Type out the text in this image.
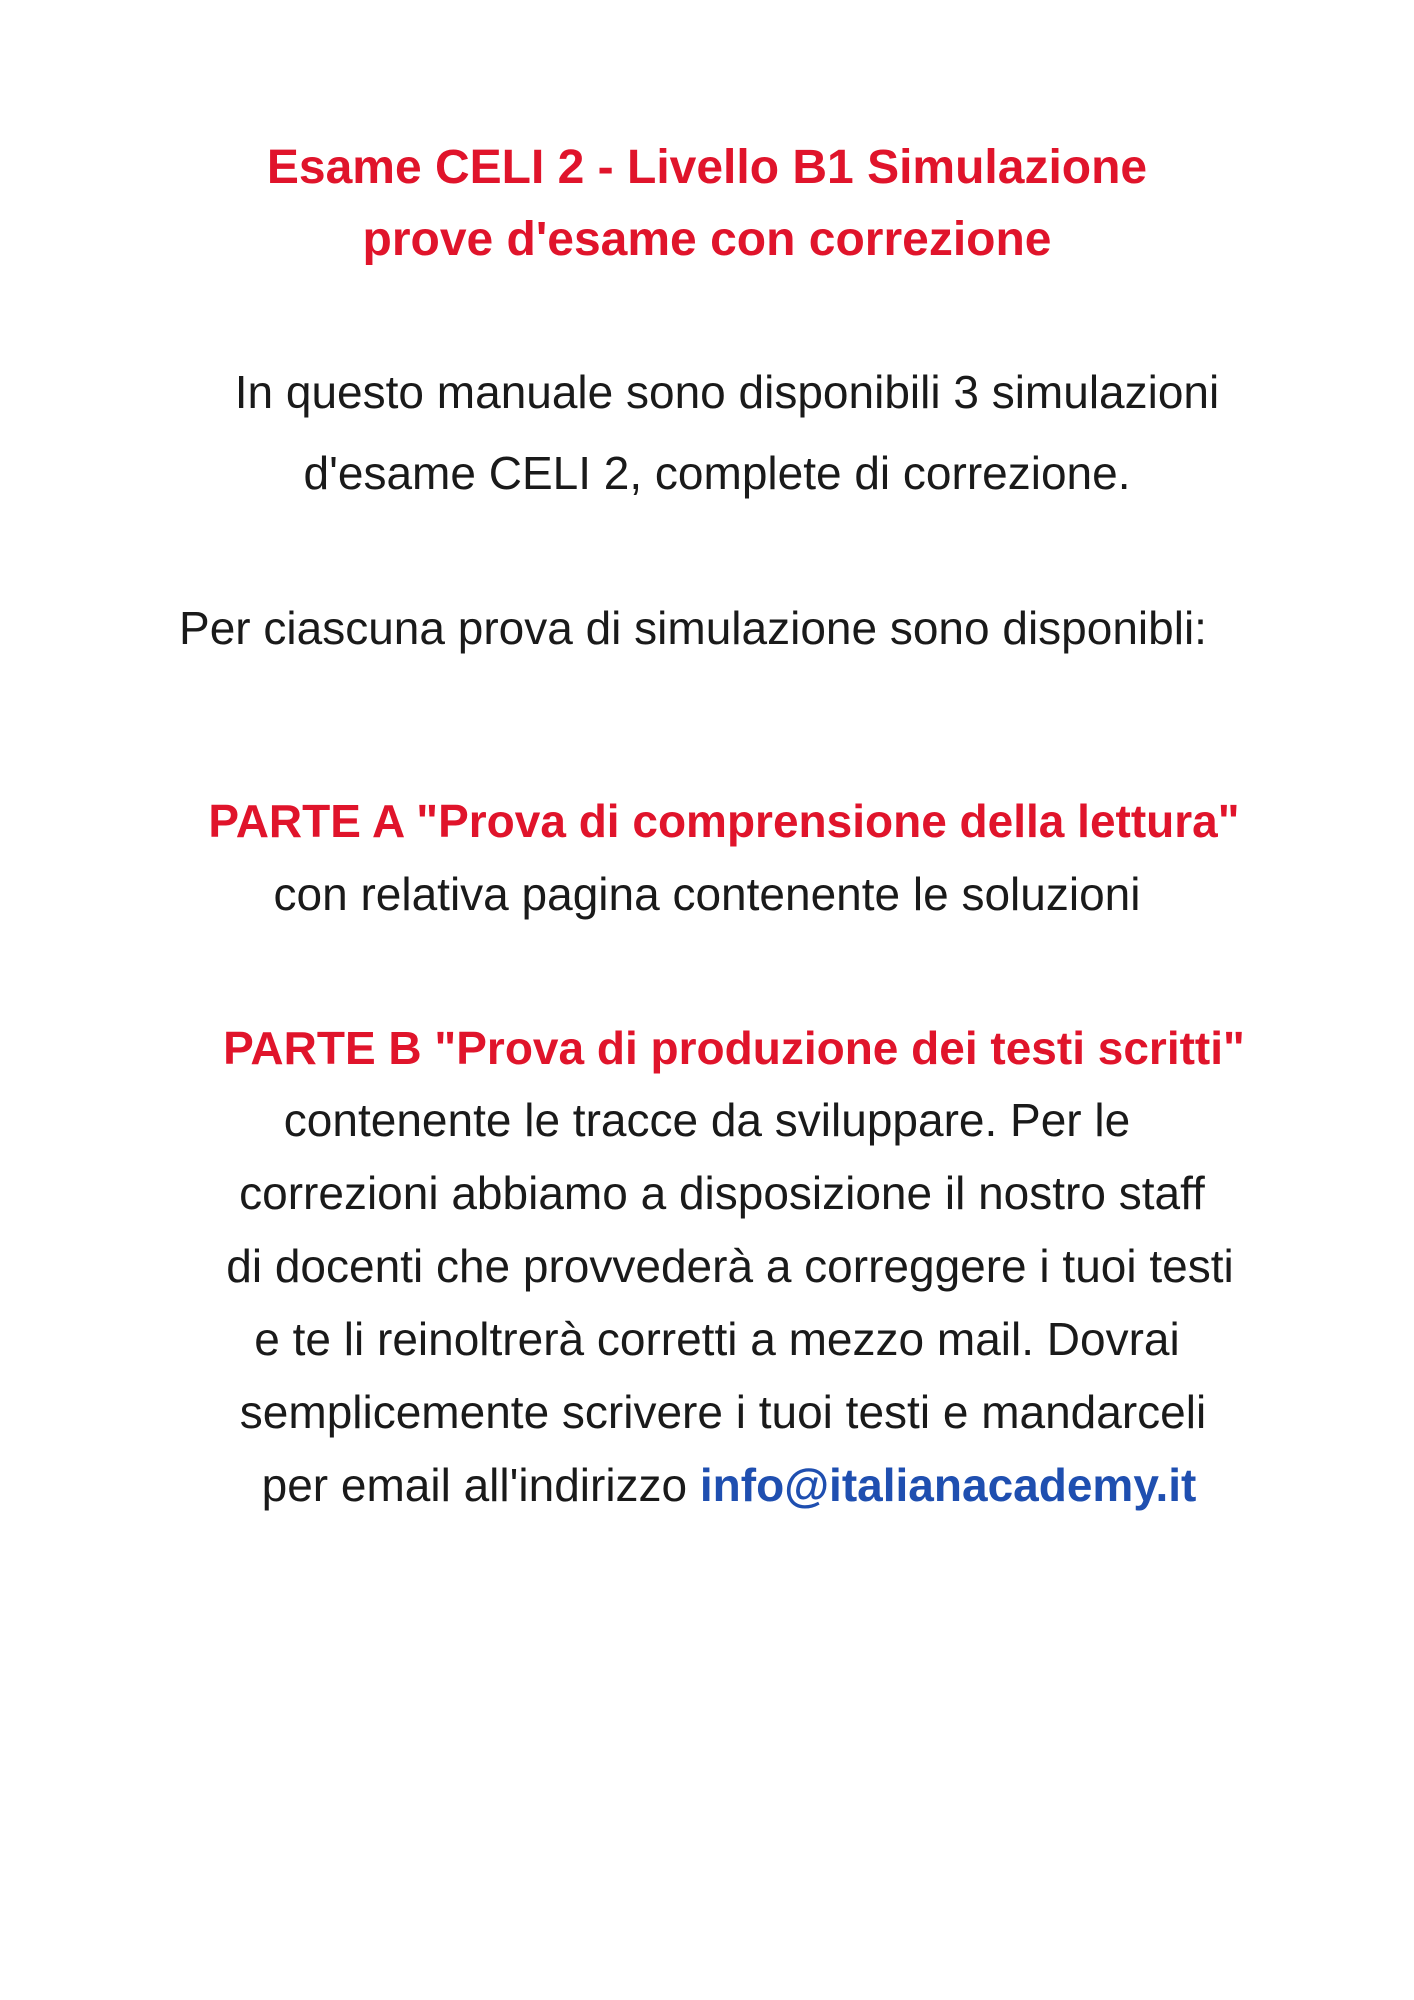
Esame CELI 2 - Livello B1 Simulazione

prove d'esame con correzione

In questo manuale sono disponibili 3 simulazioni

d'esame CELI 2, complete di correzione.

Per ciascuna prova di simulazione sono disponibli:

PARTE A "Prova di comprensione della lettura"

con relativa pagina contenente le soluzioni

PARTE B "Prova di produzione dei testi scritti"

contenente le tracce da sviluppare. Per le

correzioni abbiamo a disposizione il nostro staff

di docenti che provvederà a correggere i tuoi testi

e te li reinoltrerà corretti a mezzo mail. Dovrai

semplicemente scrivere i tuoi testi e mandarceli

per email all'indirizzo info@italianacademy.it
